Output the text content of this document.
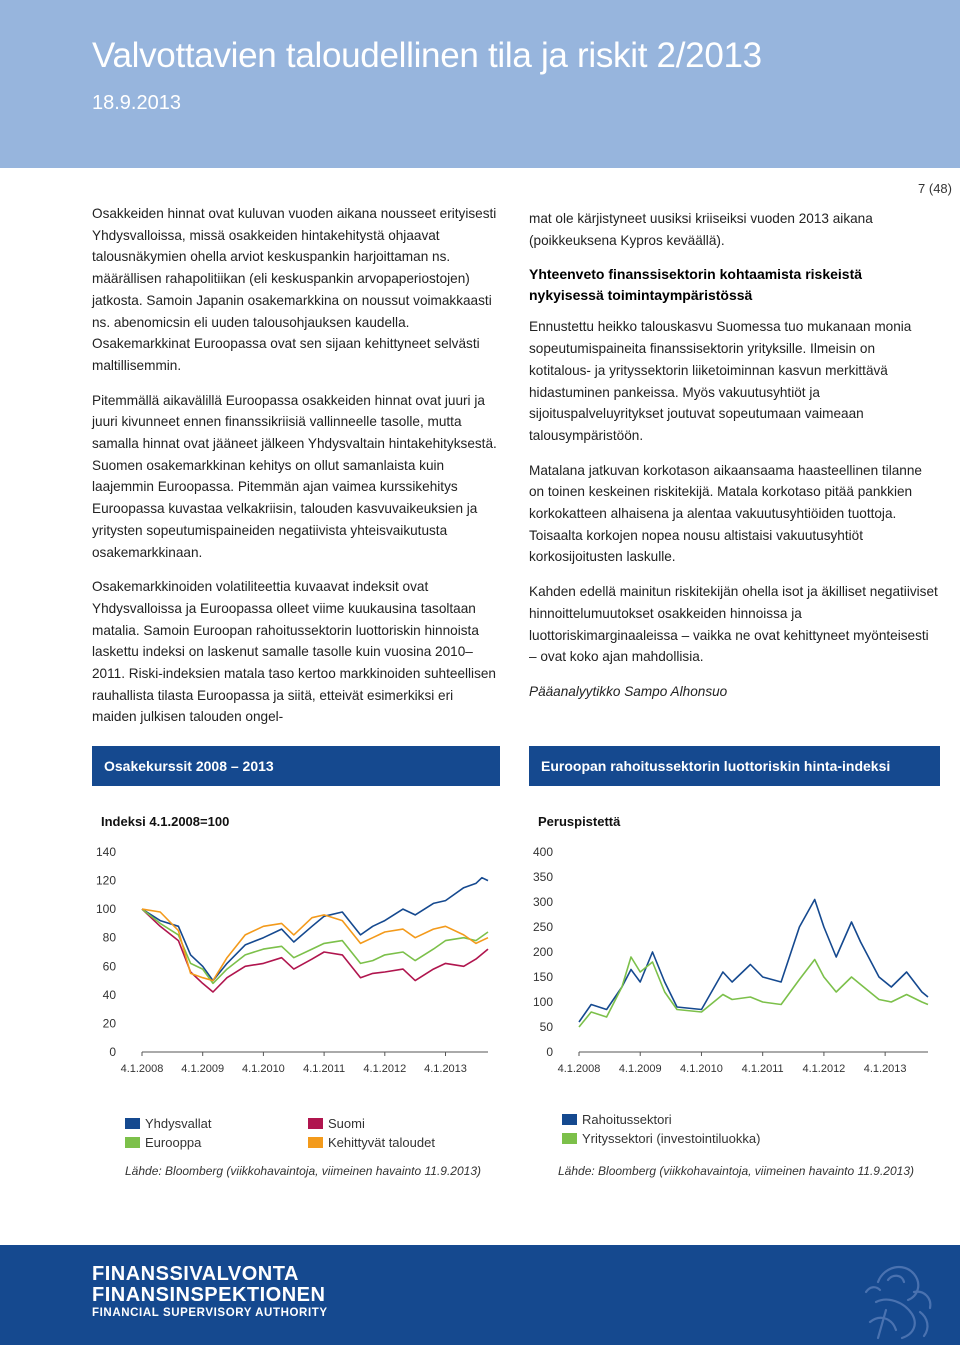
Valvottavien taloudellinen tila ja riskit 2/2013
18.9.2013
7 (48)

Osakkeiden hinnat ovat kuluvan vuoden aikana nousseet erityisesti Yhdysvalloissa, missä osakkeiden hintakehitystä ohjaavat talousnäkymien ohella arviot keskuspankin harjoittaman ns. määrällisen rahapolitiikan (eli keskuspankin arvopaperiostojen) jatkosta. Samoin Japanin osakemarkkina on noussut voimakkaasti ns. abenomicsin eli uuden talousohjauksen kaudella. Osakemarkkinat Euroopassa ovat sen sijaan kehittyneet selvästi maltillisemmin.

Pitemmällä aikavälillä Euroopassa osakkeiden hinnat ovat juuri ja juuri kivunneet ennen finanssikriisiä vallinneelle tasolle, mutta samalla hinnat ovat jääneet jälkeen Yhdysvaltain hintakehityksestä. Suomen osakemarkkinan kehitys on ollut samanlaista kuin laajemmin Euroopassa. Pitemmän ajan vaimea kurssikehitys Euroopassa kuvastaa velkakriisin, talouden kasvuvaikeuksien ja yritysten sopeutumispaineiden negatiivista yhteisvaikutusta osakemarkkinaan.

Osakemarkkinoiden volatiliteettia kuvaavat indeksit ovat Yhdysvalloissa ja Euroopassa olleet viime kuukausina tasoltaan matalia. Samoin Euroopan rahoitussektorin luottoriskin hinnoista laskettu indeksi on laskenut samalle tasolle kuin vuosina 2010–2011. Riski-indeksien matala taso kertoo markkinoiden suhteellisen rauhallista tilasta Euroopassa ja siitä, etteivät esimerkiksi eri maiden julkisen talouden ongel-

mat ole kärjistyneet uusiksi kriiseiksi vuoden 2013 aikana (poikkeuksena Kypros keväällä).

Yhteenveto finanssisektorin kohtaamista riskeistä nykyisessä toimintaympäristössä

Ennustettu heikko talouskasvu Suomessa tuo mukanaan monia sopeutumispaineita finanssisektorin yrityksille. Ilmeisin on kotitalous- ja yrityssektorin liiketoiminnan kasvun merkittävä hidastuminen pankeissa. Myös vakuutusyhtiöt ja sijoituspalveluyritykset joutuvat sopeutumaan vaimeaan talousympäristöön.

Matalana jatkuvan korkotason aikaansaama haasteellinen tilanne on toinen keskeinen riskitekijä. Matala korkotaso pitää pankkien korkokatteen alhaisena ja alentaa vakuutusyhtiöiden tuottoja. Toisaalta korkojen nopea nousu altistaisi vakuutusyhtiöt korkosijoitusten laskulle.

Kahden edellä mainitun riskitekijän ohella isot ja äkilliset negatiiviset hinnoittelumuutokset osakkeiden hinnoissa ja luottoriskimarginaaleissa – vaikka ne ovat kehittyneet myönteisesti – ovat koko ajan mahdollisia.

Pääanalyytikko Sampo Alhonsuo

Osakekurssit 2008 – 2013
Indeksi 4.1.2008=100
0
20
40
60
80
100
120
140
4.1.2008 4.1.2009 4.1.2010 4.1.2011 4.1.2012 4.1.2013
Yhdysvallat	Suomi
Eurooppa	Kehittyvät taloudet
Lähde: Bloomberg (viikkohavaintoja, viimeinen havainto 11.9.2013)
Euroopan rahoitussektorin luottoriskin hinta-indeksi
Peruspistettä
0
50
100
150
200
250
300
350
400
4.1.2008 4.1.2009 4.1.2010 4.1.2011 4.1.2012 4.1.2013
Rahoitussektori
Yrityssektori (investointiluokka)
Lähde: Bloomberg (viikkohavaintoja, viimeinen havainto 11.9.2013)
FINANSSIVALVONTA
FINANSINSPEKTIONEN
FINANCIAL SUPERVISORY AUTHORITY
